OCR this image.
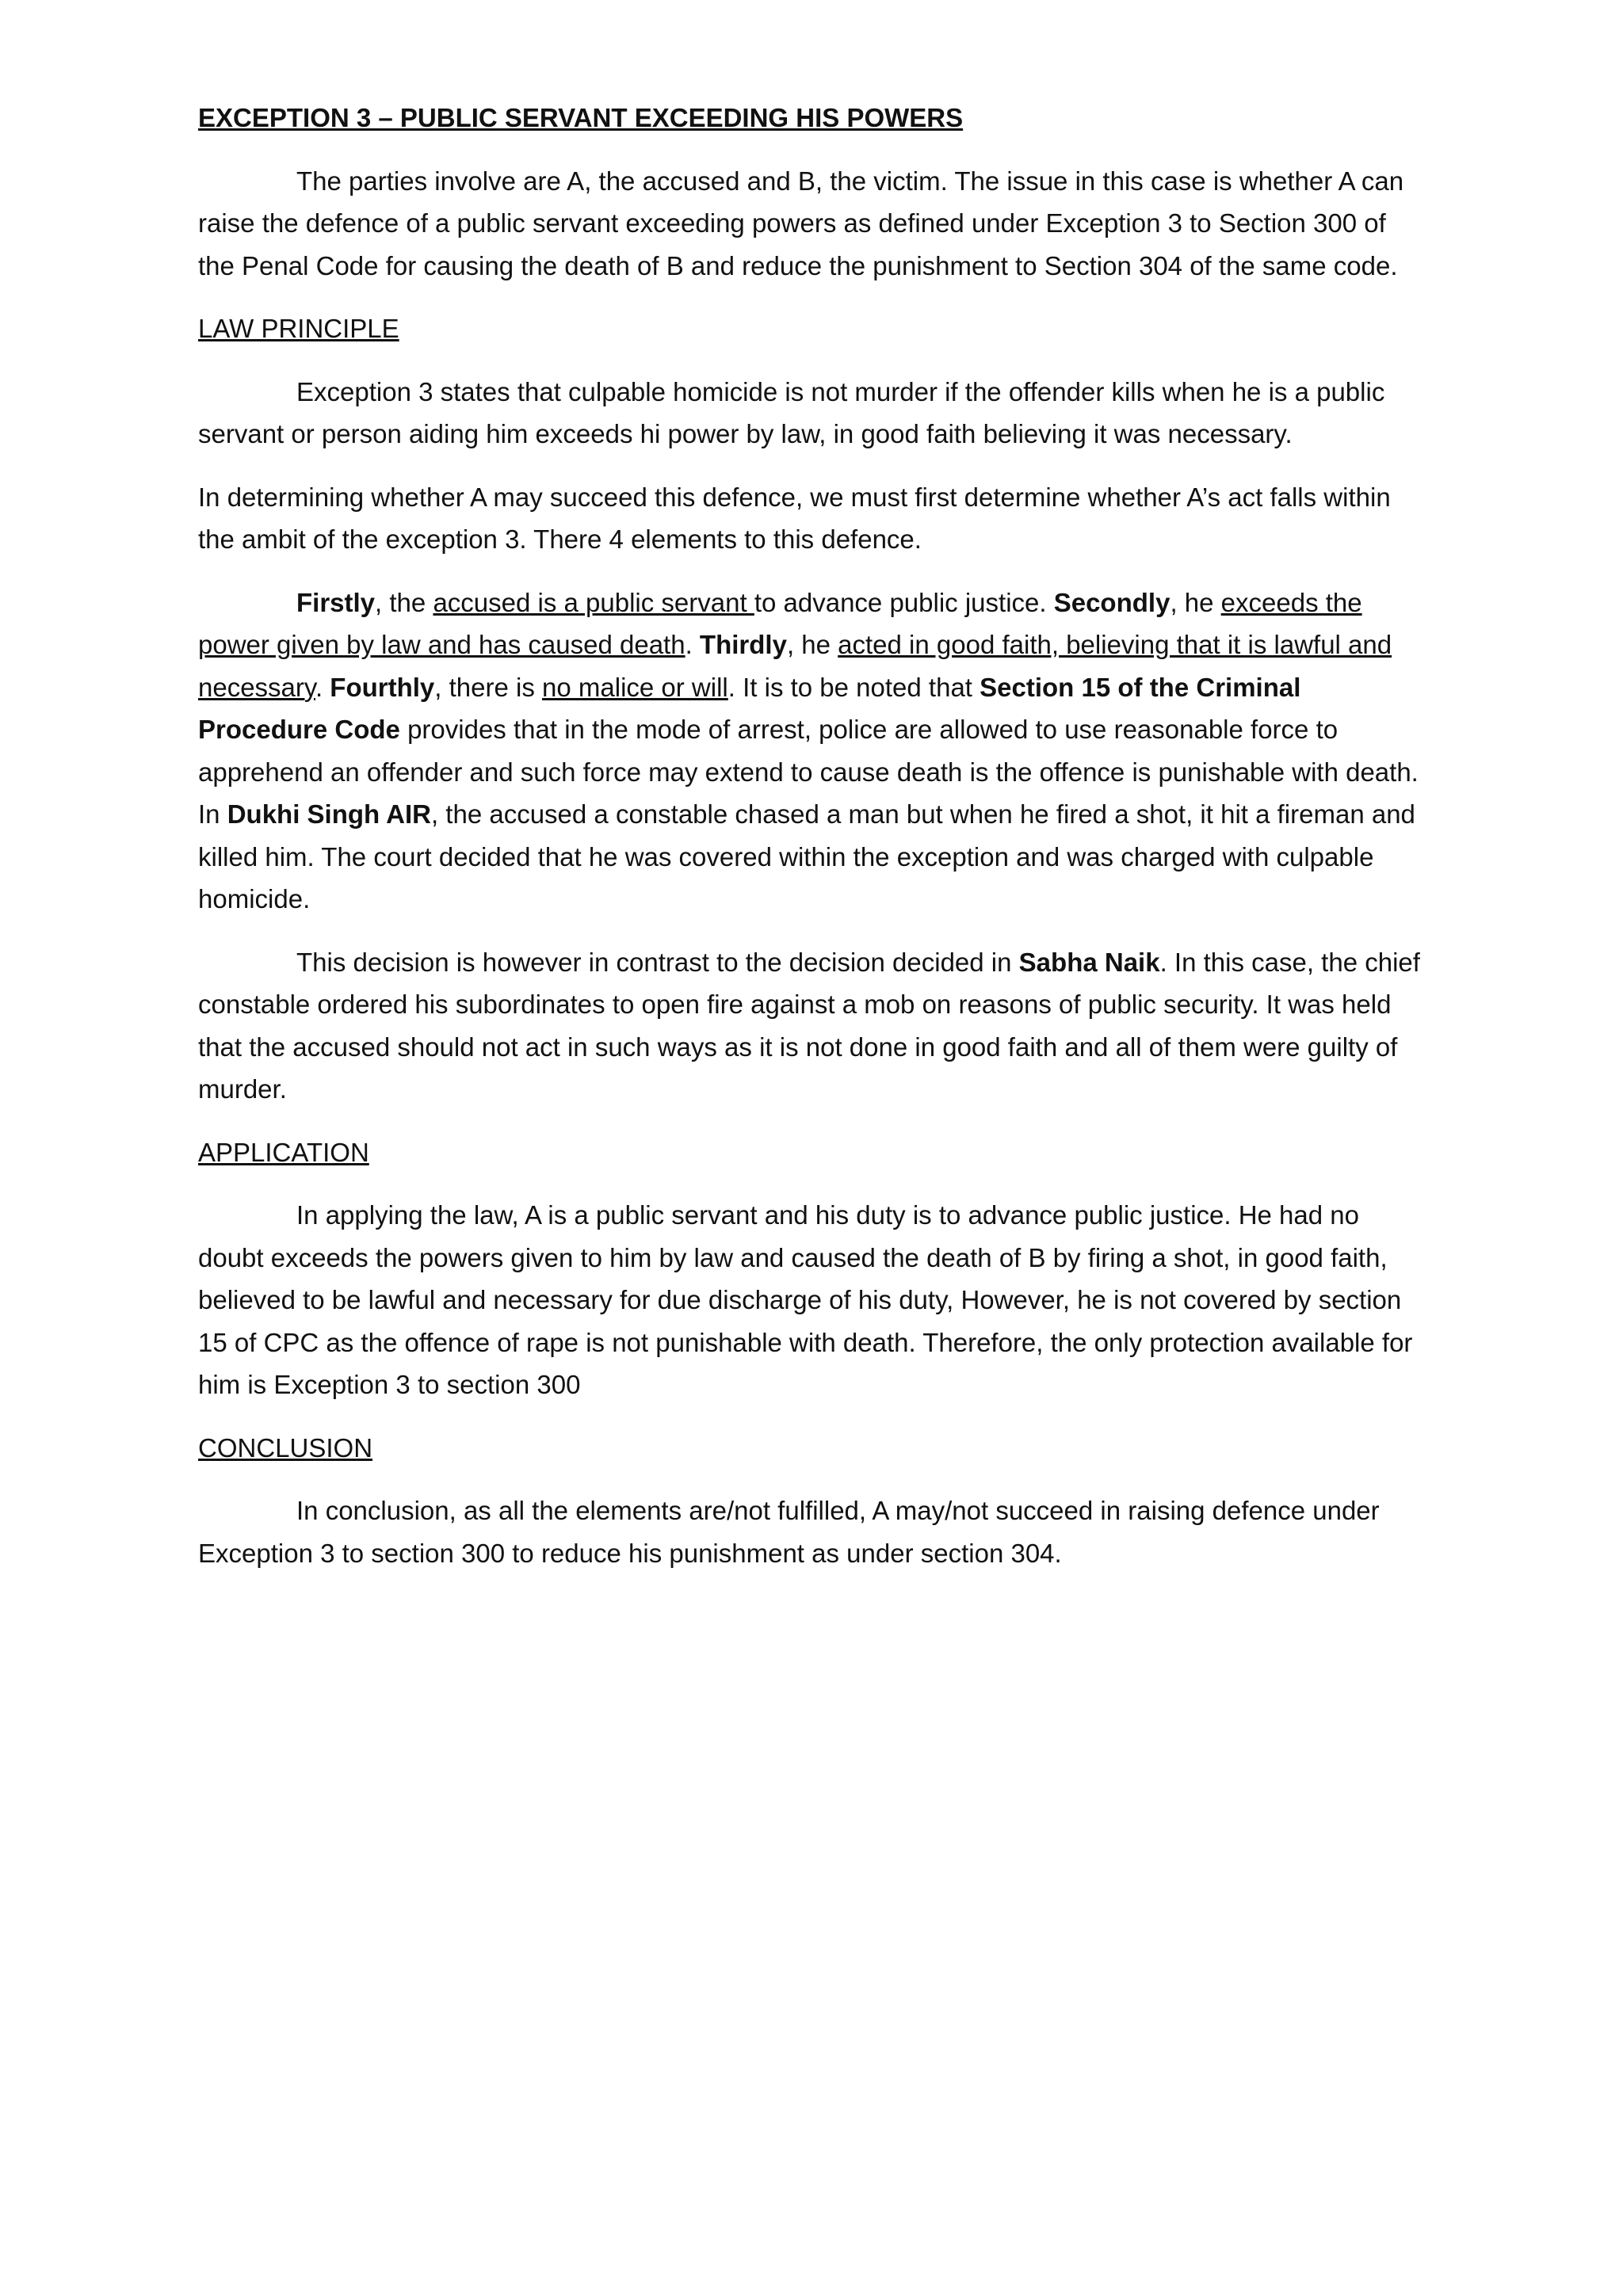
EXCEPTION 3 – PUBLIC SERVANT EXCEEDING HIS POWERS

The parties involve are A, the accused and B, the victim. The issue in this case is whether A can raise the defence of a public servant exceeding powers as defined under Exception 3 to Section 300 of the Penal Code for causing the death of B and reduce the punishment to Section 304 of the same code.

LAW PRINCIPLE

Exception 3 states that culpable homicide is not murder if the offender kills when he is a public servant or person aiding him exceeds hi power by law, in good faith believing it was necessary.

In determining whether A may succeed this defence, we must first determine whether A’s act falls within the ambit of the exception 3. There 4 elements to this defence.

Firstly, the accused is a public servant to advance public justice. Secondly, he exceeds the power given by law and has caused death. Thirdly, he acted in good faith, believing that it is lawful and necessary. Fourthly, there is no malice or will. It is to be noted that Section 15 of the Criminal Procedure Code provides that in the mode of arrest, police are allowed to use reasonable force to apprehend an offender and such force may extend to cause death is the offence is punishable with death. In Dukhi Singh AIR, the accused a constable chased a man but when he fired a shot, it hit a fireman and killed him. The court decided that he was covered within the exception and was charged with culpable homicide.

This decision is however in contrast to the decision decided in Sabha Naik. In this case, the chief constable ordered his subordinates to open fire against a mob on reasons of public security. It was held that the accused should not act in such ways as it is not done in good faith and all of them were guilty of murder.

APPLICATION

In applying the law, A is a public servant and his duty is to advance public justice. He had no doubt exceeds the powers given to him by law and caused the death of B by firing a shot, in good faith, believed to be lawful and necessary for due discharge of his duty, However, he is not covered by section 15 of CPC as the offence of rape is not punishable with death. Therefore, the only protection available for him is Exception 3 to section 300

CONCLUSION

In conclusion, as all the elements are/not fulfilled, A may/not succeed in raising defence under Exception 3 to section 300 to reduce his punishment as under section 304.
